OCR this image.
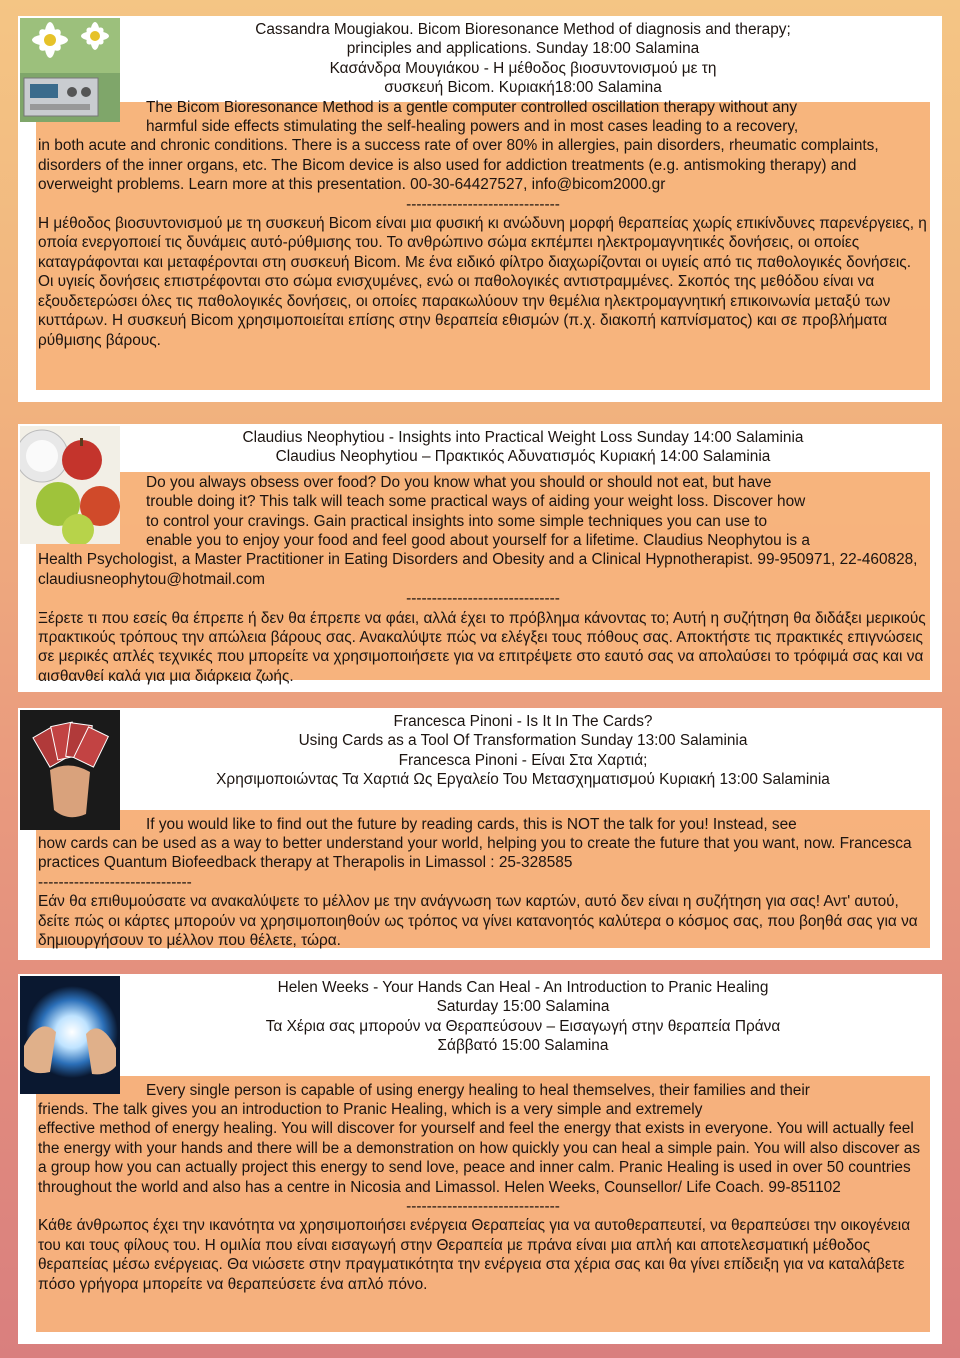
Cassandra Mougiakou. Bicom Bioresonance Method of diagnosis and therapy;

principles and applications. Sunday 18:00 Salamina

Κασάνδρα Μουγιάκου - Η μέθοδος βιοσυντονισμού με τη

συσκευή Bicom. Κυριακή18:00 Salamina

The Bicom Bioresonance Method is a gentle computer controlled oscillation therapy without any

harmful side effects stimulating the self-healing powers and in most cases leading to a recovery,

in both acute and chronic conditions. There is a success rate of over 80% in allergies, pain disorders, rheumatic complaints, disorders of the inner organs, etc. The Bicom device is also used for addiction treatments (e.g. antismoking therapy) and overweight problems. Learn more at this presentation. 00-30-64427527, info@bicom2000.gr

------------------------------

Η μέθοδος βιοσυντονισμού με τη συσκευή Bicom είναι μια φυσική κι ανώδυνη μορφή θεραπείας χωρίς επικίνδυνες παρενέργειες, η οποία ενεργοποιεί τις δυνάμεις αυτό-ρύθμισης του. Το ανθρώπινο σώμα εκπέμπει ηλεκτρομαγνητικές δονήσεις, οι οποίες καταγράφονται και μεταφέρονται στη συσκευή Bicom. Με ένα ειδικό φίλτρο διαχωρίζονται οι υγιείς από τις παθολογικές δονήσεις. Οι υγιείς δονήσεις επιστρέφονται στο σώμα ενισχυμένες, ενώ οι παθολογικές αντιστραμμένες. Σκοπός της μεθόδου είναι να εξουδετερώσει όλες τις παθολογικές δονήσεις, οι οποίες παρακωλύουν την θεμέλια ηλεκτρομαγνητική επικοινωνία μεταξύ των κυττάρων. Η συσκευή Bicom χρησιμοποιείται επίσης στην θεραπεία εθισμών (π.χ. διακοπή καπνίσματος) και σε προβλήματα ρύθμισης βάρους.

Claudius Neophytiou - Insights into Practical Weight Loss Sunday 14:00 Salaminia

Claudius Neophytiou – Πρακτικός Αδυνατισμός Κυριακή 14:00 Salaminia

Do you always obsess over food? Do you know what you should or should not eat, but have

trouble doing it? This talk will teach some practical ways of aiding your weight loss. Discover how

to control your cravings. Gain practical insights into some simple techniques you can use to

enable you to enjoy your food and feel good about yourself for a lifetime. Claudius Neophytou is a

Health Psychologist, a Master Practitioner in Eating Disorders and Obesity and a Clinical Hypnotherapist. 99-950971, 22-460828, claudiusneophytou@hotmail.com

------------------------------

Ξέρετε τι που εσείς θα έπρεπε ή δεν θα έπρεπε να φάει, αλλά έχει το πρόβλημα κάνοντας το; Αυτή η συζήτηση θα διδάξει μερικούς πρακτικούς τρόπους την απώλεια βάρους σας. Ανακαλύψτε πώς να ελέγξει τους πόθους σας. Αποκτήστε τις πρακτικές επιγνώσεις σε μερικές απλές τεχνικές που μπορείτε να χρησιμοποιήσετε για να επιτρέψετε στο εαυτό σας να απολαύσει το τρόφιμά σας και να αισθανθεί καλά για μια διάρκεια ζωής.

Francesca Pinoni - Is It In The Cards?

Using Cards as a Tool Of Transformation Sunday 13:00 Salaminia

Francesca Pinoni - Είναι Στα Χαρτιά;

Χρησιμοποιώντας Τα Χαρτιά Ως Εργαλείο Του Μετασχηματισμού Κυριακή 13:00 Salaminia

If you would like to find out the future by reading cards, this is NOT the talk for you! Instead, see

how cards can be used as a way to better understand your world, helping you to create the future that you want, now. Francesca practices Quantum Biofeedback therapy at Therapolis in Limassol : 25-328585

------------------------------

Εάν θα επιθυμούσατε να ανακαλύψετε το μέλλον με την ανάγνωση των καρτών, αυτό δεν είναι η συζήτηση για σας! Αντ' αυτού, δείτε πώς οι κάρτες μπορούν να χρησιμοποιηθούν ως τρόπος να γίνει κατανοητός καλύτερα ο κόσμος σας, που βοηθά σας για να δημιουργήσουν το μέλλον που θέλετε, τώρα.

Helen Weeks - Your Hands Can Heal - An Introduction to Pranic Healing

Saturday 15:00 Salamina

Τα Χέρια σας μπορούν να Θεραπεύσουν – Εισαγωγή στην θεραπεία Πράνα

Σάββατό 15:00 Salamina

Every single person is capable of using energy healing to heal themselves, their families and their

friends. The talk gives you an introduction to Pranic Healing, which is a very simple and extremely

effective method of energy healing. You will discover for yourself and feel the energy that exists in everyone. You will actually feel the energy with your hands and there will be a demonstration on how quickly you can heal a simple pain. You will also discover as a group how you can actually project this energy to send love, peace and inner calm. Pranic Healing is used in over 50 countries throughout the world and also has a centre in Nicosia and Limassol. Helen Weeks, Counsellor/ Life Coach. 99-851102

------------------------------

Κάθε άνθρωπος έχει την ικανότητα να χρησιμοποιήσει ενέργεια Θεραπείας για να αυτοθεραπευτεί, να θεραπεύσει την οικογένεια του και τους φίλους του. Η ομιλία που είναι εισαγωγή στην Θεραπεία με πράνα είναι μια απλή και αποτελεσματική μέθοδος θεραπείας μέσω ενέργειας. Θα νιώσετε στην πραγματικότητα την ενέργεια στα χέρια σας και θα γίνει επίδειξη για να καταλάβετε πόσο γρήγορα μπορείτε να θεραπεύσετε ένα απλό πόνο.
